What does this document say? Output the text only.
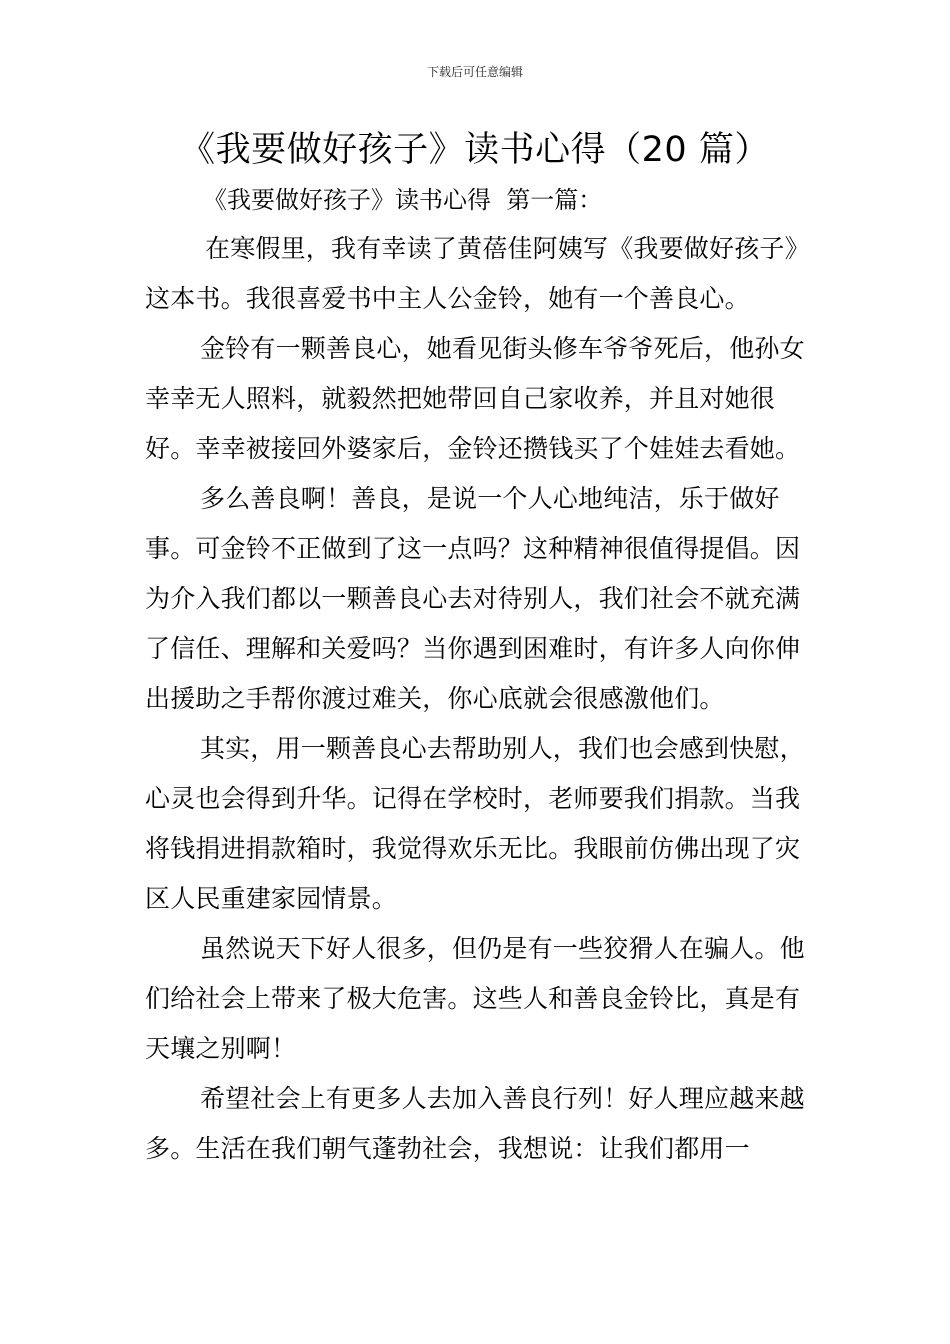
下载后可任意编辑
《我要做好孩子》读书心得（20 篇）
《我要做好孩子》读书心得  第一篇：

在寒假里，我有幸读了黄蓓佳阿姨写《我要做好孩子》这本书。我很喜爱书中主人公金铃，她有一个善良心。

金铃有一颗善良心，她看见街头修车爷爷死后，他孙女幸幸无人照料，就毅然把她带回自己家收养，并且对她很好。幸幸被接回外婆家后，金铃还攒钱买了个娃娃去看她。

多么善良啊！善良，是说一个人心地纯洁，乐于做好事。可金铃不正做到了这一点吗？这种精神很值得提倡。因为介入我们都以一颗善良心去对待别人，我们社会不就充满了信任、理解和关爱吗？当你遇到困难时，有许多人向你伸出援助之手帮你渡过难关，你心底就会很感激他们。

其实，用一颗善良心去帮助别人，我们也会感到快慰，心灵也会得到升华。记得在学校时，老师要我们捐款。当我将钱捐进捐款箱时，我觉得欢乐无比。我眼前仿佛出现了灾区人民重建家园情景。

虽然说天下好人很多，但仍是有一些狡猾人在骗人。他们给社会上带来了极大危害。这些人和善良金铃比，真是有天壤之别啊！

希望社会上有更多人去加入善良行列！好人理应越来越多。生活在我们朝气蓬勃社会，我想说：让我们都用一
